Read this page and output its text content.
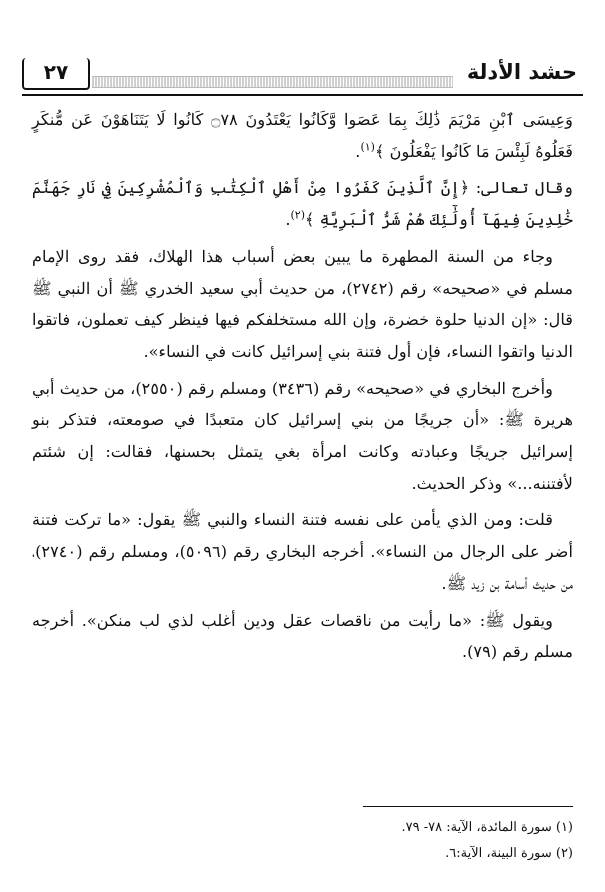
حشد الأدلة
٢٧

وَعِيسَى ٱبْنِ مَرْيَمَ ذَٰلِكَ بِمَا عَصَوا وَّكَانُوا يَعْتَدُونَ ۝٧٨ كَانُوا لَا يَتَنَاهَوْنَ عَن مُّنكَرٍ فَعَلُوهُ لَبِئْسَ مَا كَانُوا يَفْعَلُونَ ﴾$^{(١)}$.

وقال تعالى: ﴿إِنَّ ٱلَّذِينَ كَفَرُوا مِنْ أَهْلِ ٱلْكِتَٰبِ وَٱلْمُشْرِكِينَ فِي نَارِ جَهَنَّمَ خَٰلِدِينَ فِيهَآ أُولَٰٓئِكَ هُمْ شَرُّ ٱلْبَرِيَّةِ ﴾$^{(٢)}$.

وجاء من السنة المطهرة ما يبين بعض أسباب هذا الهلاك، فقد روى الإمام مسلم في «صحيحه» رقم (٢٧٤٢)، من حديث أبي سعيد الخدري ﷺ أن النبي ﷺ قال: «إن الدنيا حلوة خضرة، وإن الله مستخلفكم فيها فينظر كيف تعملون، فاتقوا الدنيا واتقوا النساء، فإن أول فتنة بني إسرائيل كانت في النساء».

وأخرج البخاري في «صحيحه» رقم (٣٤٣٦) ومسلم رقم (٢٥٥٠)، من حديث أبي هريرة ﷺ: «أن جريجًا من بني إسرائيل كان متعبدًا في صومعته، فتذكر بنو إسرائيل جريجًا وعبادته وكانت امرأة بغي يتمثل بحسنها، فقالت: إن شئتم لأفتننه...» وذكر الحديث.

قلت: ومن الذي يأمن على نفسه فتنة النساء والنبي ﷺ يقول: «ما تركت فتنة أضر على الرجال من النساء». أخرجه البخاري رقم (٥٠٩٦)، ومسلم رقم (٢٧٤٠)، من حديث أسامة بن زيد ﷺ.

ويقول ﷺ: «ما رأيت من ناقصات عقل ودين أغلب لذي لب منكن». أخرجه مسلم رقم (٧٩).

(١) سورة المائدة، الآية: ٧٨- ٧٩.
(٢) سورة البينة، الآية:٦.
